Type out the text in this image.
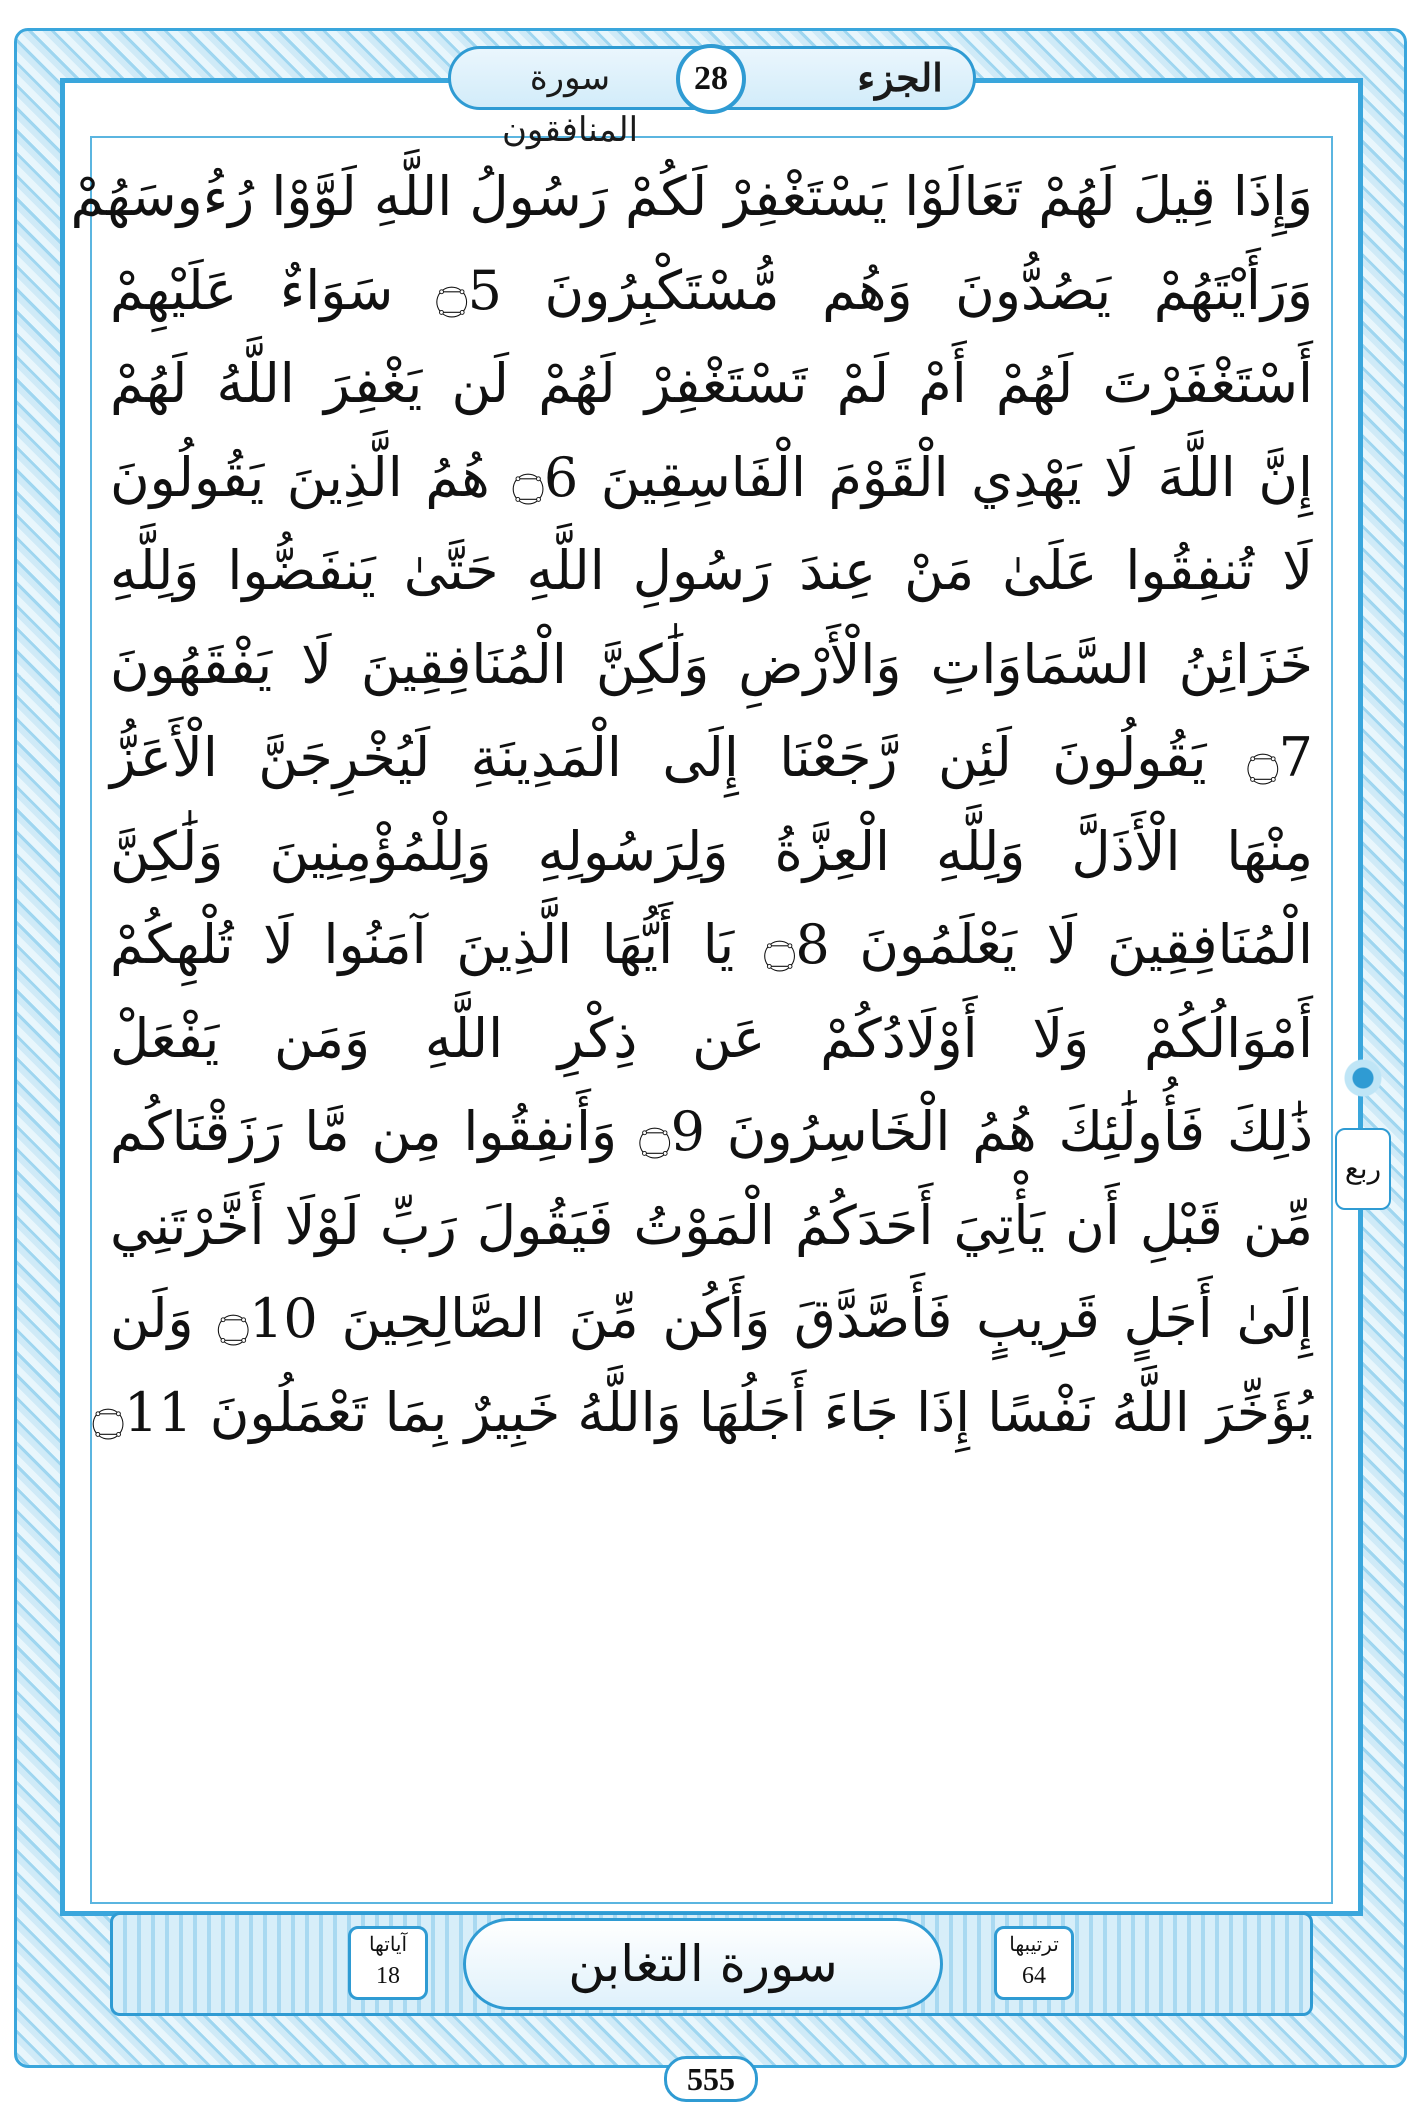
الجزء
28
سورة المنافقون
وَإِذَا قِيلَ لَهُمْ تَعَالَوْا يَسْتَغْفِرْ لَكُمْ رَسُولُ اللَّهِ لَوَّوْا رُءُوسَهُمْ
وَرَأَيْتَهُمْ يَصُدُّونَ وَهُم مُّسْتَكْبِرُونَ ۝5 سَوَاءٌ عَلَيْهِمْ
أَسْتَغْفَرْتَ لَهُمْ أَمْ لَمْ تَسْتَغْفِرْ لَهُمْ لَن يَغْفِرَ اللَّهُ لَهُمْ
إِنَّ اللَّهَ لَا يَهْدِي الْقَوْمَ الْفَاسِقِينَ ۝6 هُمُ الَّذِينَ يَقُولُونَ
لَا تُنفِقُوا عَلَىٰ مَنْ عِندَ رَسُولِ اللَّهِ حَتَّىٰ يَنفَضُّوا وَلِلَّهِ
خَزَائِنُ السَّمَاوَاتِ وَالْأَرْضِ وَلَٰكِنَّ الْمُنَافِقِينَ لَا يَفْقَهُونَ
۝7 يَقُولُونَ لَئِن رَّجَعْنَا إِلَى الْمَدِينَةِ لَيُخْرِجَنَّ الْأَعَزُّ
مِنْهَا الْأَذَلَّ وَلِلَّهِ الْعِزَّةُ وَلِرَسُولِهِ وَلِلْمُؤْمِنِينَ وَلَٰكِنَّ
الْمُنَافِقِينَ لَا يَعْلَمُونَ ۝8 يَا أَيُّهَا الَّذِينَ آمَنُوا لَا تُلْهِكُمْ
أَمْوَالُكُمْ وَلَا أَوْلَادُكُمْ عَن ذِكْرِ اللَّهِ وَمَن يَفْعَلْ
ذَٰلِكَ فَأُولَٰئِكَ هُمُ الْخَاسِرُونَ ۝9 وَأَنفِقُوا مِن مَّا رَزَقْنَاكُم
مِّن قَبْلِ أَن يَأْتِيَ أَحَدَكُمُ الْمَوْتُ فَيَقُولَ رَبِّ لَوْلَا أَخَّرْتَنِي
إِلَىٰ أَجَلٍ قَرِيبٍ فَأَصَّدَّقَ وَأَكُن مِّنَ الصَّالِحِينَ ۝10 وَلَن
يُؤَخِّرَ اللَّهُ نَفْسًا إِذَا جَاءَ أَجَلُهَا وَاللَّهُ خَبِيرٌ بِمَا تَعْمَلُونَ ۝11
ربع
سورة التغابن	ترتيبها
64
آياتها
18
555
